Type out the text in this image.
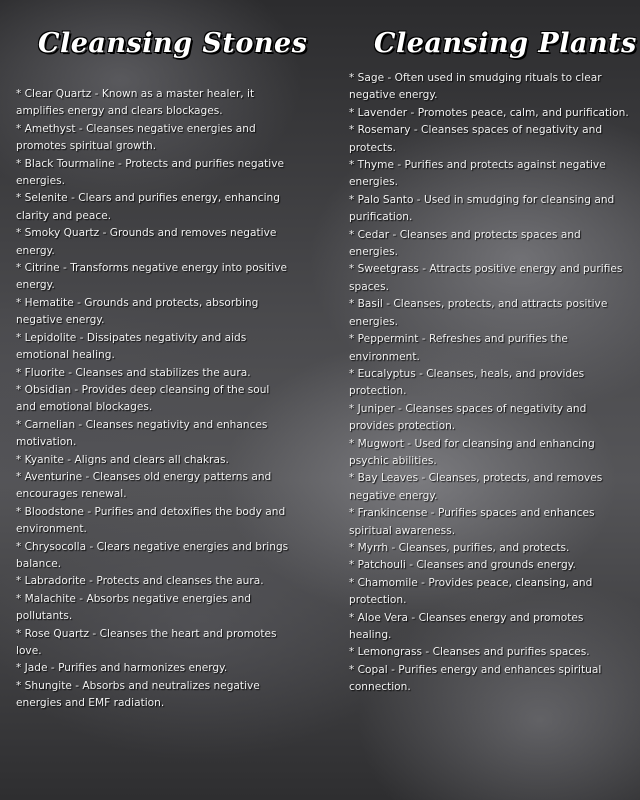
Cleansing Stones Cleansing Plants
* Clear Quartz - Known as a master healer, it amplifies energy and clears blockages.
* Amethyst - Cleanses negative energies and promotes spiritual growth.
* Black Tourmaline - Protects and purifies negative energies.
* Selenite - Clears and purifies energy, enhancing clarity and peace.
* Smoky Quartz - Grounds and removes negative energy.
* Citrine - Transforms negative energy into positive energy.
* Hematite - Grounds and protects, absorbing negative energy.
* Lepidolite - Dissipates negativity and aids emotional healing.
* Fluorite - Cleanses and stabilizes the aura.
* Obsidian - Provides deep cleansing of the soul and emotional blockages.
* Carnelian - Cleanses negativity and enhances motivation.
* Kyanite - Aligns and clears all chakras.
* Aventurine - Cleanses old energy patterns and encourages renewal.
* Bloodstone - Purifies and detoxifies the body and environment.
* Chrysocolla - Clears negative energies and brings balance.
* Labradorite - Protects and cleanses the aura.
* Malachite - Absorbs negative energies and pollutants.
* Rose Quartz - Cleanses the heart and promotes love.
* Jade - Purifies and harmonizes energy.
* Shungite - Absorbs and neutralizes negative energies and EMF radiation.
* Sage - Often used in smudging rituals to clear negative energy.
* Lavender - Promotes peace, calm, and purification.
* Rosemary - Cleanses spaces of negativity and protects.
* Thyme - Purifies and protects against negative energies.
* Palo Santo - Used in smudging for cleansing and purification.
* Cedar - Cleanses and protects spaces and energies.
* Sweetgrass - Attracts positive energy and purifies spaces.
* Basil - Cleanses, protects, and attracts positive energies.
* Peppermint - Refreshes and purifies the environment.
* Eucalyptus - Cleanses, heals, and provides protection.
* Juniper - Cleanses spaces of negativity and provides protection.
* Mugwort - Used for cleansing and enhancing psychic abilities.
* Bay Leaves - Cleanses, protects, and removes negative energy.
* Frankincense - Purifies spaces and enhances spiritual awareness.
* Myrrh - Cleanses, purifies, and protects.
* Patchouli - Cleanses and grounds energy.
* Chamomile - Provides peace, cleansing, and protection.
* Aloe Vera - Cleanses energy and promotes healing.
* Lemongrass - Cleanses and purifies spaces.
* Copal - Purifies energy and enhances spiritual connection.
